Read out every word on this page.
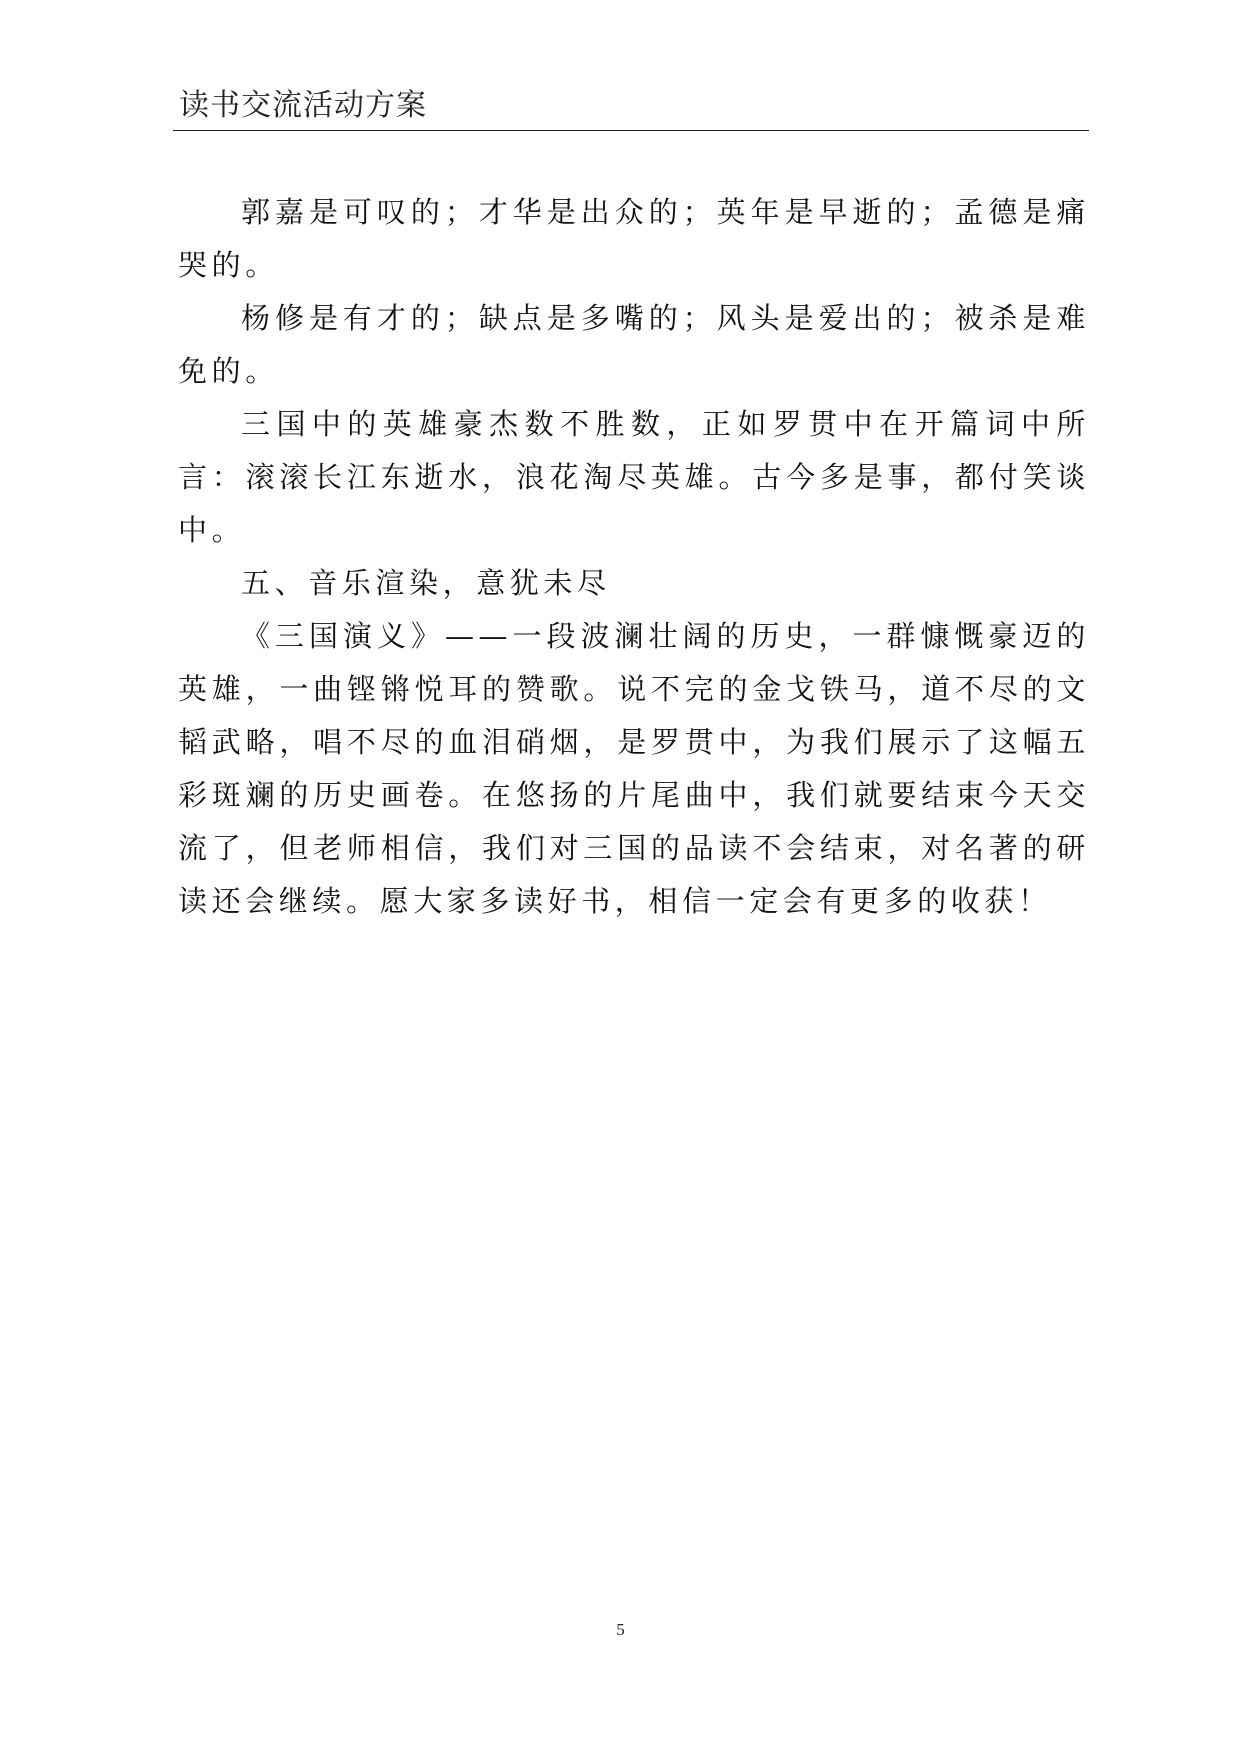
读书交流活动方案

郭嘉是可叹的；才华是出众的；英年是早逝的；孟德是痛哭的。

杨修是有才的；缺点是多嘴的；风头是爱出的；被杀是难免的。

三国中的英雄豪杰数不胜数，正如罗贯中在开篇词中所言：滚滚长江东逝水，浪花淘尽英雄。古今多是事，都付笑谈中。

五、音乐渲染，意犹未尽

《三国演义》——一段波澜壮阔的历史，一群慷慨豪迈的英雄，一曲铿锵悦耳的赞歌。说不完的金戈铁马，道不尽的文韬武略，唱不尽的血泪硝烟，是罗贯中，为我们展示了这幅五彩斑斓的历史画卷。在悠扬的片尾曲中，我们就要结束今天交流了，但老师相信，我们对三国的品读不会结束，对名著的研读还会继续。愿大家多读好书，相信一定会有更多的收获！

5
